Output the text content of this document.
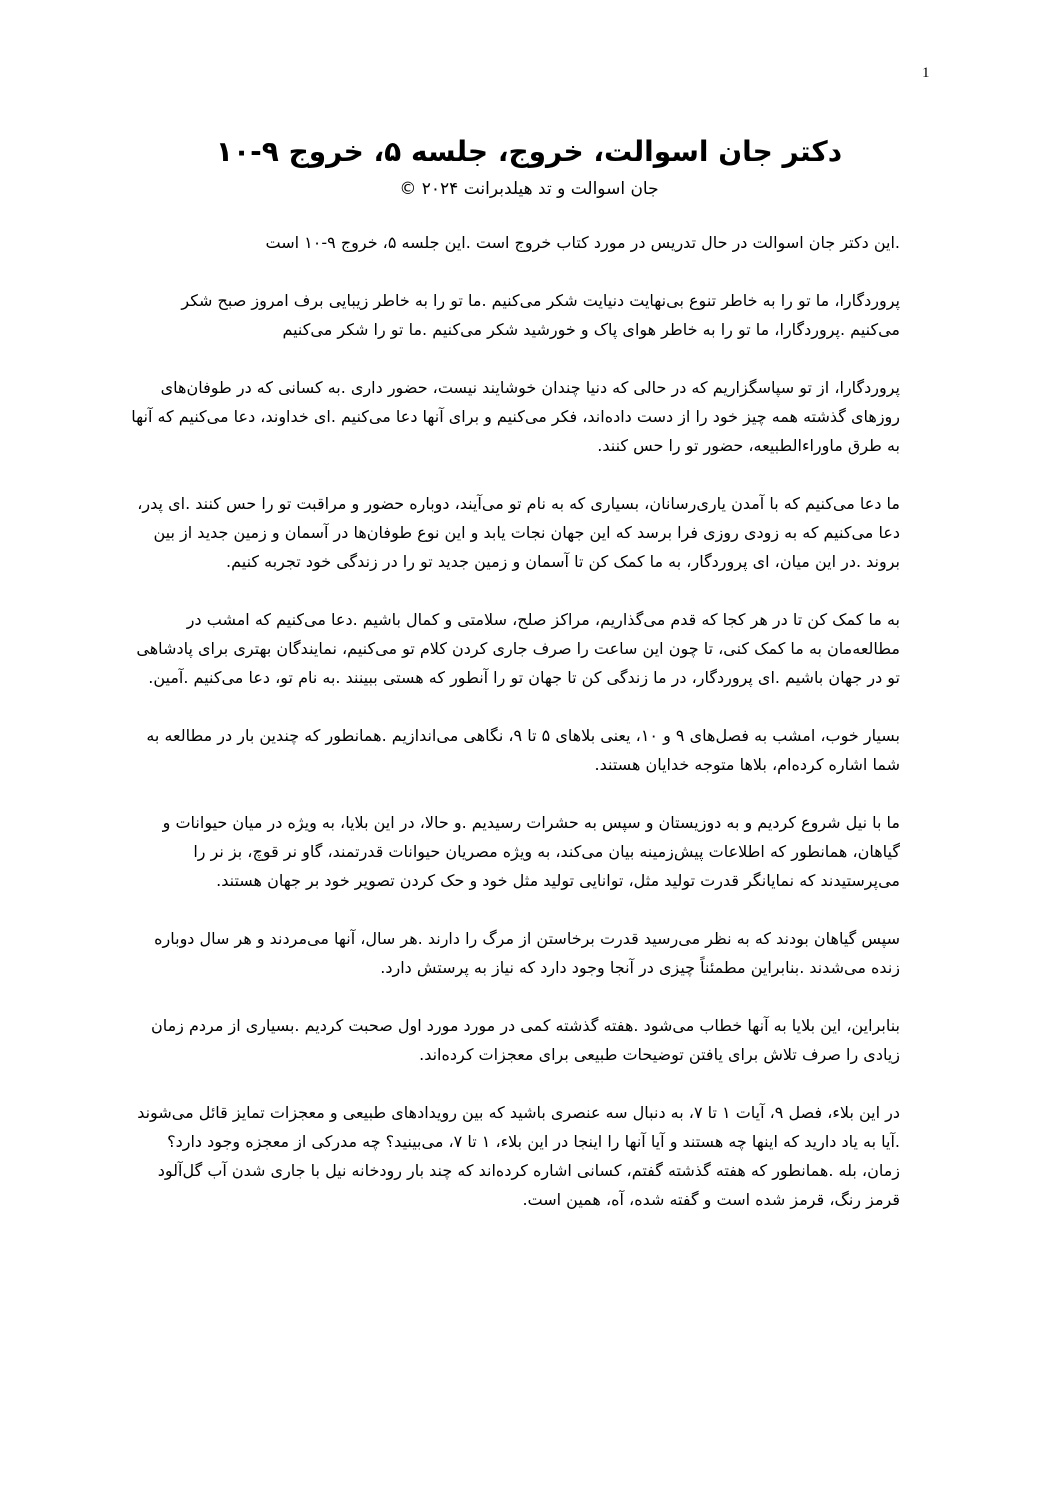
1
دکتر جان اسوالت، خروج، جلسه ۵، خروج ۹-۱۰
جان اسوالت و تد هیلدبرانت ۲۰۲۴ ©

.این دکتر جان اسوالت در حال تدریس در مورد کتاب خروج است .این جلسه ۵، خروج ۹-۱۰ است

پروردگارا، ما تو را به خاطر تنوع بی‌نهایت دنیایت شکر می‌کنیم .ما تو را به خاطر زیبایی برف امروز صبح شکر می‌کنیم .پروردگارا، ما تو را به خاطر هوای پاک و خورشید شکر می‌کنیم .ما تو را شکر می‌کنیم

پروردگارا، از تو سپاسگزاریم که در حالی که دنیا چندان خوشایند نیست، حضور داری .به کسانی که در طوفان‌های روزهای گذشته همه چیز خود را از دست داده‌اند، فکر می‌کنیم و برای آنها دعا می‌کنیم .ای خداوند، دعا می‌کنیم که آنها به طرق ماوراءالطبیعه، حضور تو را حس کنند.

ما دعا می‌کنیم که با آمدن یاری‌رسانان، بسیاری که به نام تو می‌آیند، دوباره حضور و مراقبت تو را حس کنند .ای پدر، دعا می‌کنیم که به زودی روزی فرا برسد که این جهان نجات یابد و این نوع طوفان‌ها در آسمان و زمین جدید از بین بروند .در این میان، ای پروردگار، به ما کمک کن تا آسمان و زمین جدید تو را در زندگی خود تجربه کنیم.

به ما کمک کن تا در هر کجا که قدم می‌گذاریم، مراکز صلح، سلامتی و کمال باشیم .دعا می‌کنیم که امشب در مطالعه‌مان به ما کمک کنی، تا چون این ساعت را صرف جاری کردن کلام تو می‌کنیم، نمایندگان بهتری برای پادشاهی تو در جهان باشیم .ای پروردگار، در ما زندگی کن تا جهان تو را آنطور که هستی ببینند .به نام تو، دعا می‌کنیم .آمین.

بسیار خوب، امشب به فصل‌های ۹ و ۱۰، یعنی بلاهای ۵ تا ۹، نگاهی می‌اندازیم .همانطور که چندین بار در مطالعه به شما اشاره کرده‌ام، بلاها متوجه خدایان هستند.

ما با نیل شروع کردیم و به دوزیستان و سپس به حشرات رسیدیم .و حالا، در این بلایا، به ویژه در میان حیوانات و گیاهان، همانطور که اطلاعات پیش‌زمینه بیان می‌کند، به ویژه مصریان حیوانات قدرتمند، گاو نر قوچ، بز نر را می‌پرستیدند که نمایانگر قدرت تولید مثل، توانایی تولید مثل خود و حک کردن تصویر خود بر جهان هستند.

سپس گیاهان بودند که به نظر می‌رسید قدرت برخاستن از مرگ را دارند .هر سال، آنها می‌مردند و هر سال دوباره زنده می‌شدند .بنابراین مطمئناً چیزی در آنجا وجود دارد که نیاز به پرستش دارد.

بنابراین، این بلایا به آنها خطاب می‌شود .هفته گذشته کمی در مورد مورد اول صحبت کردیم .بسیاری از مردم زمان زیادی را صرف تلاش برای یافتن توضیحات طبیعی برای معجزات کرده‌اند.

در این بلاء، فصل ۹، آیات ۱ تا ۷، به دنبال سه عنصری باشید که بین رویدادهای طبیعی و معجزات تمایز قائل می‌شوند .آیا به یاد دارید که اینها چه هستند و آیا آنها را اینجا در این بلاء، ۱ تا ۷، می‌بینید؟ چه مدرکی از معجزه وجود دارد؟ زمان، بله .همانطور که هفته گذشته گفتم، کسانی اشاره کرده‌اند که چند بار رودخانه نیل با جاری شدن آب گل‌آلود قرمز رنگ، قرمز شده است و گفته شده، آه، همین است.
